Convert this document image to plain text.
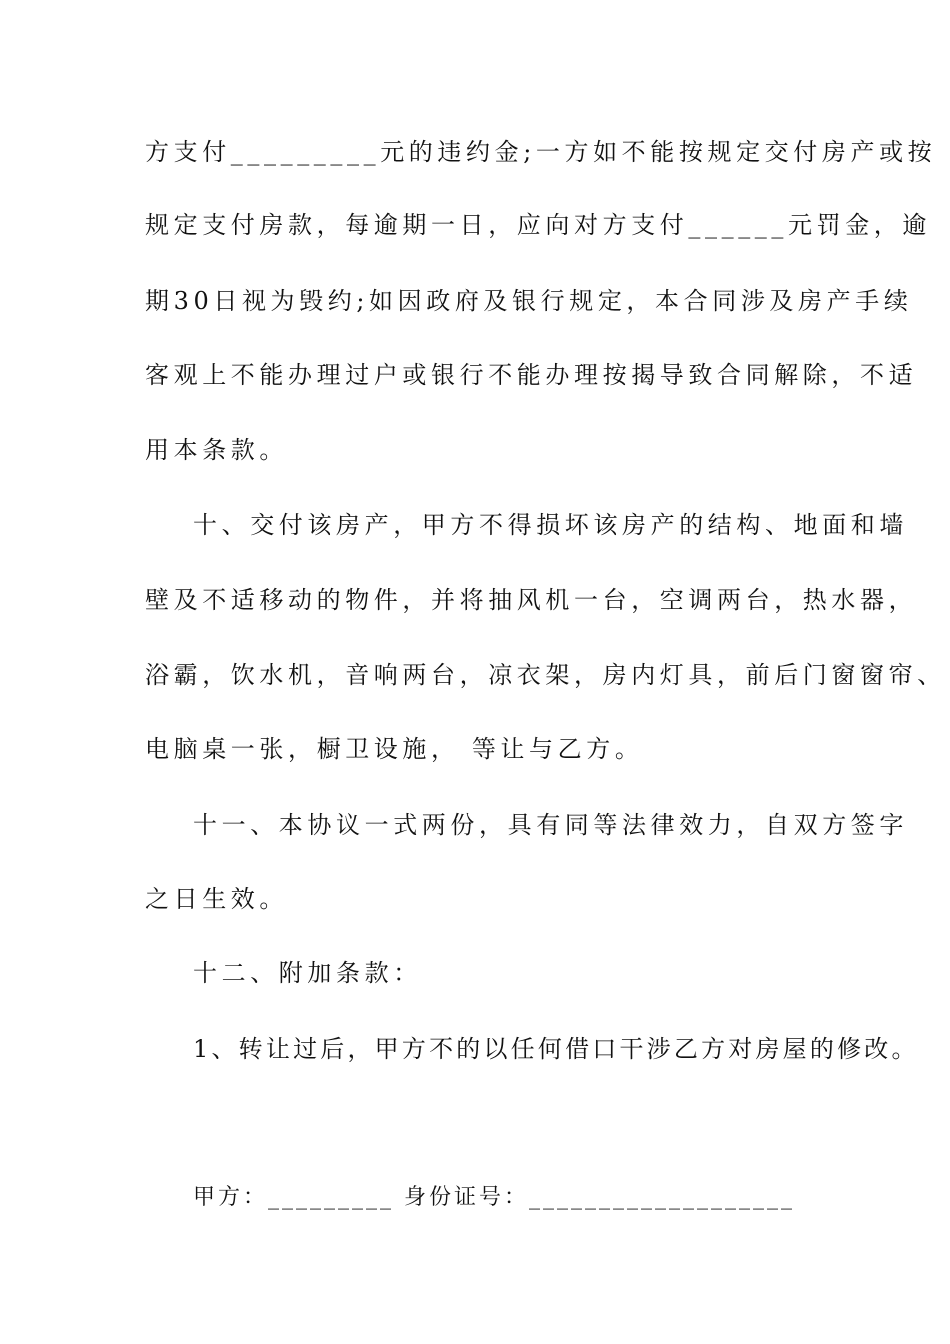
方支付_________元的违约金;一方如不能按规定交付房产或按
规定支付房款，每逾期一日，应向对方支付______元罚金，逾
期30日视为毁约;如因政府及银行规定，本合同涉及房产手续
客观上不能办理过户或银行不能办理按揭导致合同解除，不适
用本条款。
十、交付该房产，甲方不得损坏该房产的结构、地面和墙
壁及不适移动的物件，并将抽风机一台，空调两台，热水器，
浴霸，饮水机，音响两台，凉衣架，房内灯具，前后门窗窗帘、
电脑桌一张，橱卫设施， 等让与乙方。
十一、本协议一式两份，具有同等法律效力，自双方签字
之日生效。
十二、附加条款：
1、转让过后，甲方不的以任何借口干涉乙方对房屋的修改。
甲方：_________ 身份证号：___________________
